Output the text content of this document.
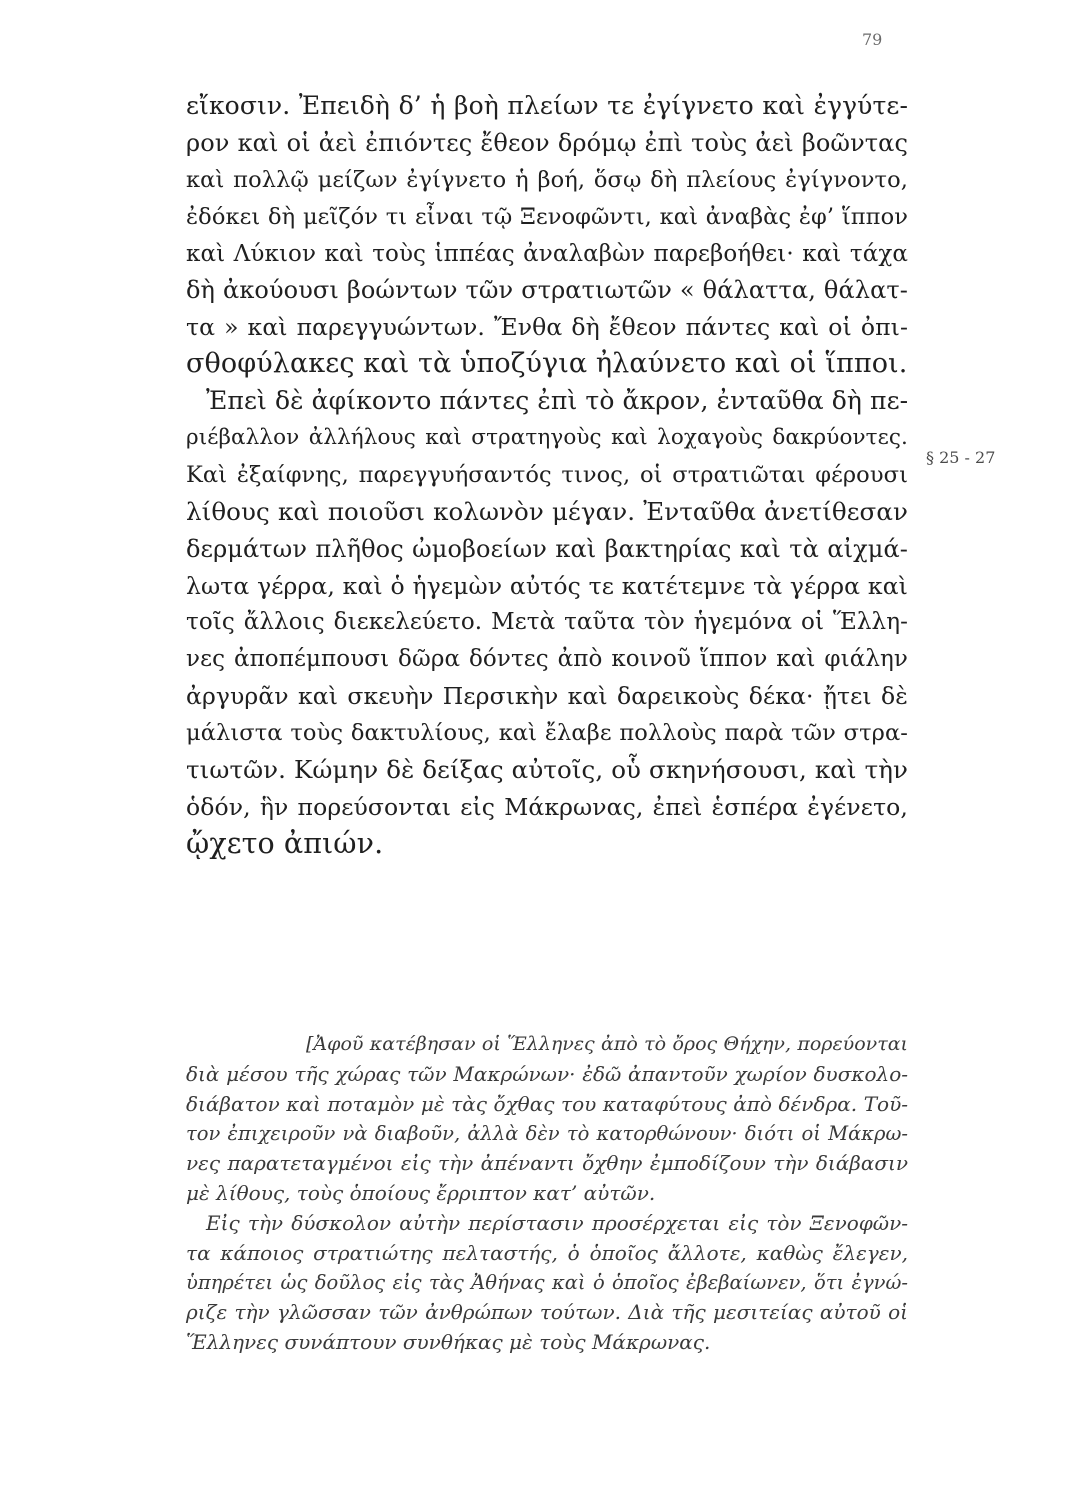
79
§ 25 - 27
εἴκοσιν. Ἐπειδὴ δ’ ἡ βοὴ πλείων τε ἐγίγνετο καὶ ἐγγύτε-
ρον καὶ οἱ ἀεὶ ἐπιόντες ἔθεον δρόμῳ ἐπὶ τοὺς ἀεὶ βοῶντας
καὶ πολλῷ μείζων ἐγίγνετο ἡ βοή, ὅσῳ δὴ πλείους ἐγίγνοντο,
ἐδόκει δὴ μεῖζόν τι εἶναι τῷ Ξενοφῶντι, καὶ ἀναβὰς ἐφ’ ἵππον
καὶ Λύκιον καὶ τοὺς ἱππέας ἀναλαβὼν παρεβοήθει· καὶ τάχα
δὴ ἀκούουσι βοώντων τῶν στρατιωτῶν « θάλαττα, θάλατ-
τα » καὶ παρεγγυώντων. Ἔνθα δὴ ἔθεον πάντες καὶ οἱ ὀπι-
σθοφύλακες καὶ τὰ ὑποζύγια ἠλαύνετο καὶ οἱ ἵπποι.
Ἐπεὶ δὲ ἀφίκοντο πάντες ἐπὶ τὸ ἄκρον, ἐνταῦθα δὴ πε-
ριέβαλλον ἀλλήλους καὶ στρατηγοὺς καὶ λοχαγοὺς δακρύοντες.
Καὶ ἐξαίφνης, παρεγγυήσαντός τινος, οἱ στρατιῶται φέρουσι
λίθους καὶ ποιοῦσι κολωνὸν μέγαν. Ἐνταῦθα ἀνετίθεσαν
δερμάτων πλῆθος ὠμοβοείων καὶ βακτηρίας καὶ τὰ αἰχμά-
λωτα γέρρα, καὶ ὁ ἡγεμὼν αὐτός τε κατέτεμνε τὰ γέρρα καὶ
τοῖς ἄλλοις διεκελεύετο. Μετὰ ταῦτα τὸν ἡγεμόνα οἱ Ἕλλη-
νες ἀποπέμπουσι δῶρα δόντες ἀπὸ κοινοῦ ἵππον καὶ φιάλην
ἀργυρᾶν καὶ σκευὴν Περσικὴν καὶ δαρεικοὺς δέκα· ᾔτει δὲ
μάλιστα τοὺς δακτυλίους, καὶ ἔλαβε πολλοὺς παρὰ τῶν στρα-
τιωτῶν. Κώμην δὲ δείξας αὐτοῖς, οὗ σκηνήσουσι, καὶ τὴν
ὁδόν, ἣν πορεύσονται εἰς Μάκρωνας, ἐπεὶ ἑσπέρα ἐγένετο,
ᾤχετο ἀπιών.
[Ἀφοῦ κατέβησαν οἱ Ἕλληνες ἀπὸ τὸ ὄρος Θήχην, πορεύονται
διὰ μέσου τῆς χώρας τῶν Μακρώνων· ἐδῶ ἀπαντοῦν χωρίον δυσκολο-
διάβατον καὶ ποταμὸν μὲ τὰς ὄχθας του καταφύτους ἀπὸ δένδρα. Τοῦ-
τον ἐπιχειροῦν νὰ διαβοῦν, ἀλλὰ δὲν τὸ κατορθώνουν· διότι οἱ Μάκρω-
νες παρατεταγμένοι εἰς τὴν ἀπέναντι ὄχθην ἐμποδίζουν τὴν διάβασιν
μὲ λίθους, τοὺς ὁποίους ἔρριπτον κατ’ αὐτῶν.
Εἰς τὴν δύσκολον αὐτὴν περίστασιν προσέρχεται εἰς τὸν Ξενοφῶν-
τα κάποιος στρατιώτης πελταστής, ὁ ὁποῖος ἄλλοτε, καθὼς ἔλεγεν,
ὑπηρέτει ὡς δοῦλος εἰς τὰς Ἀθήνας καὶ ὁ ὁποῖος ἐβεβαίωνεν, ὅτι ἐγνώ-
ριζε τὴν γλῶσσαν τῶν ἀνθρώπων τούτων. Διὰ τῆς μεσιτείας αὐτοῦ οἱ
Ἕλληνες συνάπτουν συνθήκας μὲ τοὺς Μάκρωνας.
